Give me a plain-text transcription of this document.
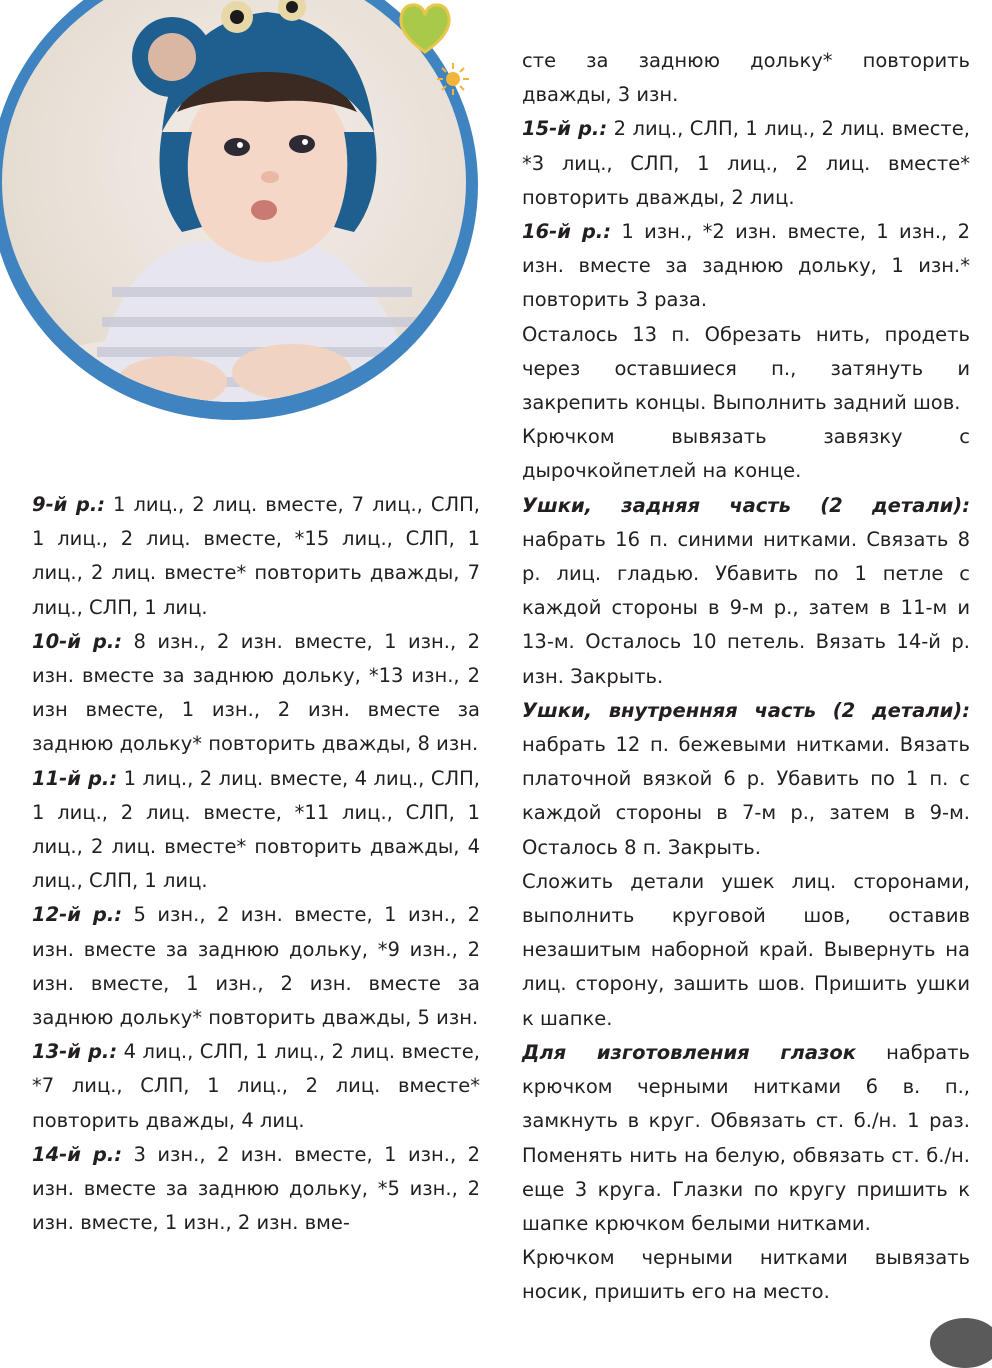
9-й р.: 1 лиц., 2 лиц. вместе, 7 лиц., СЛП, 1 лиц., 2 лиц. вместе, *15 лиц., СЛП, 1 лиц., 2 лиц. вместе* повторить дважды, 7 лиц., СЛП, 1 лиц.

10-й р.: 8 изн., 2 изн. вместе, 1 изн., 2 изн. вместе за заднюю дольку, *13 изн., 2 изн вместе, 1 изн., 2 изн. вместе за заднюю дольку* повторить дважды, 8 изн.

11-й р.: 1 лиц., 2 лиц. вместе, 4 лиц., СЛП, 1 лиц., 2 лиц. вместе, *11 лиц., СЛП, 1 лиц., 2 лиц. вместе* повторить дважды, 4 лиц., СЛП, 1 лиц.

12-й р.: 5 изн., 2 изн. вместе, 1 изн., 2 изн. вместе за заднюю дольку, *9 изн., 2 изн. вместе, 1 изн., 2 изн. вместе за заднюю дольку* повторить дважды, 5 изн.

13-й р.: 4 лиц., СЛП, 1 лиц., 2 лиц. вместе, *7 лиц., СЛП, 1 лиц., 2 лиц. вместе* повторить дважды, 4 лиц.

14-й р.: 3 изн., 2 изн. вместе, 1 изн., 2 изн. вместе за заднюю дольку, *5 изн., 2 изн. вместе, 1 изн., 2 изн. вме-

сте за заднюю дольку* повторить дважды, 3 изн.

15-й р.: 2 лиц., СЛП, 1 лиц., 2 лиц. вместе, *3 лиц., СЛП, 1 лиц., 2 лиц. вместе* повторить дважды, 2 лиц.

16-й р.: 1 изн., *2 изн. вместе, 1 изн., 2 изн. вместе за заднюю дольку, 1 изн.* повторить 3 раза.

Осталось 13 п. Обрезать нить, продеть через оставшиеся п., затянуть и закрепить концы. Выполнить задний шов.

Крючком вывязать завязку с дырочкойпетлей на конце.

Ушки, задняя часть (2 детали): набрать 16 п. синими нитками. Связать 8 р. лиц. гладью. Убавить по 1 петле с каждой стороны в 9-м р., затем в 11-м и 13-м. Осталось 10 петель. Вязать 14-й р. изн. Закрыть.

Ушки, внутренняя часть (2 детали): набрать 12 п. бежевыми нитками. Вязать платочной вязкой 6 р. Убавить по 1 п. с каждой стороны в 7-м р., затем в 9-м. Осталось 8 п. Закрыть.

Сложить детали ушек лиц. сторонами, выполнить круговой шов, оставив незашитым наборной край. Вывернуть на лиц. сторону, зашить шов. Пришить ушки к шапке.

Для изготовления глазок набрать крючком черными нитками 6 в. п., замкнуть в круг. Обвязать ст. б./н. 1 раз. Поменять нить на белую, обвязать ст. б./н. еще 3 круга. Глазки по кругу пришить к шапке крючком белыми нитками.

Крючком черными нитками вывязать носик, пришить его на место.
